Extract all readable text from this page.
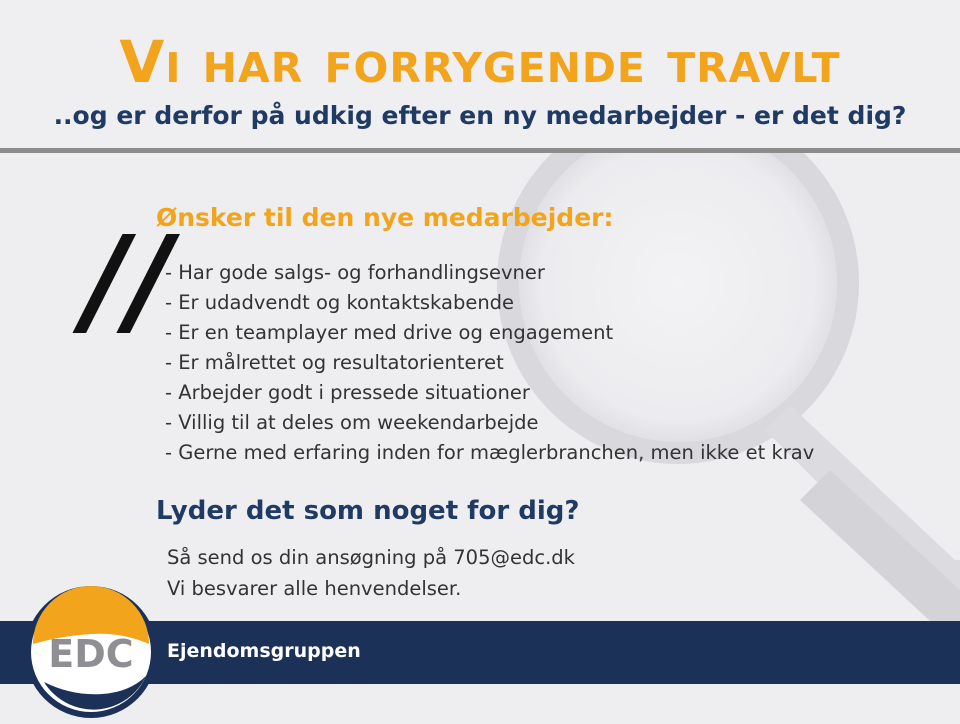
Vi har forrygende travlt
..og er derfor på udkig efter en ny medarbejder - er det dig?
//
Ønsker til den nye medarbejder:
- Har gode salgs- og forhandlingsevner
- Er udadvendt og kontaktskabende
- Er en teamplayer med drive og engagement
- Er målrettet og resultatorienteret
- Arbejder godt i pressede situationer
- Villig til at deles om weekendarbejde
- Gerne med erfaring inden for mæglerbranchen, men ikke et krav
Lyder det som noget for dig?
Så send os din ansøgning på 705@edc.dk
Vi besvarer alle henvendelser.
Ejendomsgruppen
EDC
